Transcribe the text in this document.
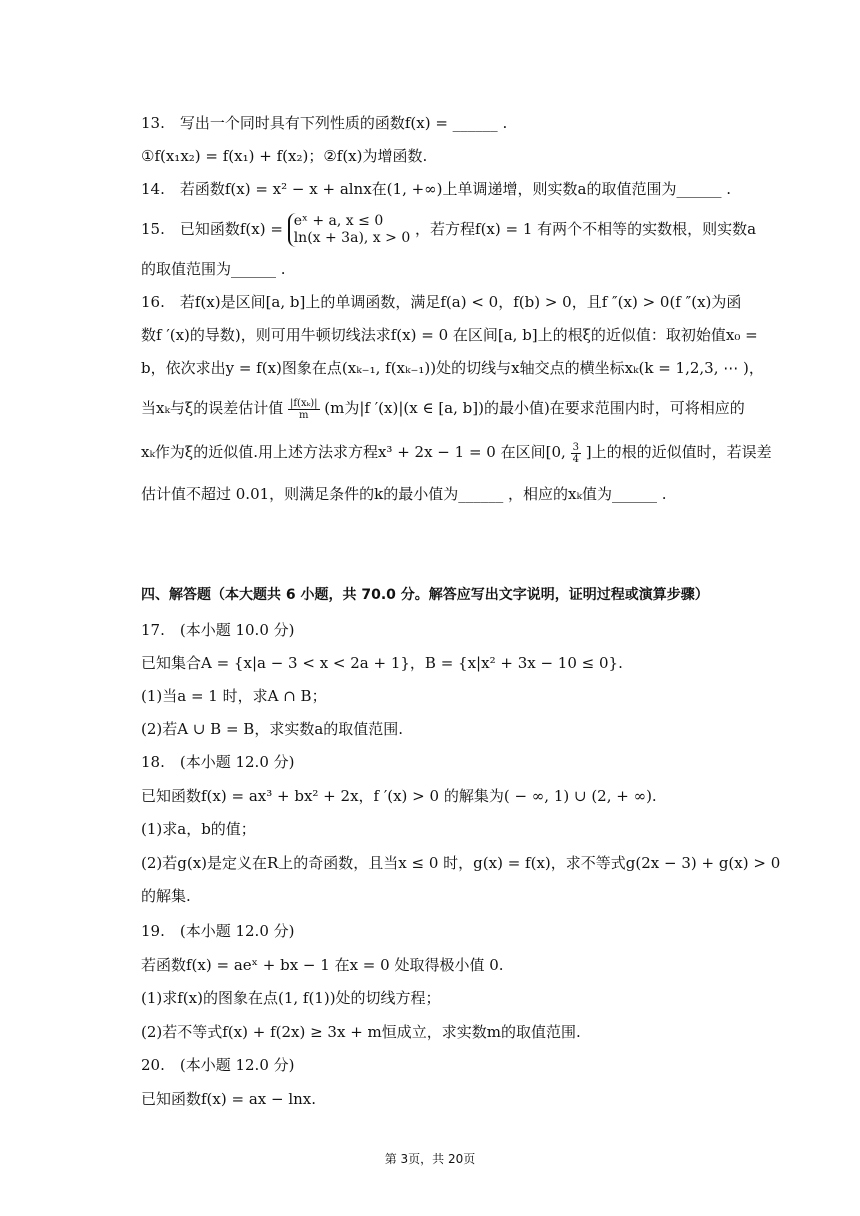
13.　写出一个同时具有下列性质的函数f(x) = ______ .
①f(x₁x₂) = f(x₁) + f(x₂)；②f(x)为增函数.
14.　若函数f(x) = x² − x + alnx在(1, +∞)上单调递增，则实数a的取值范围为______ .
15.　已知函数f(x) = eˣ + a, x ≤ 0
ln(x + 3a), x > 0 ，若方程f(x) = 1 有两个不相等的实数根，则实数a
的取值范围为______ .
16.　若f(x)是区间[a, b]上的单调函数，满足f(a) < 0，f(b) > 0，且f ″(x) > 0(f ″(x)为函
数f ′(x)的导数)，则可用牛顿切线法求f(x) = 0 在区间[a, b]上的根ξ的近似值：取初始值x₀ =
b，依次求出y = f(x)图象在点(xₖ₋₁, f(xₖ₋₁))处的切线与x轴交点的横坐标xₖ(k = 1,2,3, ⋯ )，
当xₖ与ξ的误差估计值 $\frac{\text{|f(xₖ)|}}{m} (m$为|f ′(x)|(x ∈ [a, b])的最小值)在要求范围内时，可将相应的
xₖ作为ξ的近似值.用上述方法求方程x³ + 2x − 1 = 0 在区间[0, $\frac{3}{4}$ ]上的根的近似值时，若误差
估计值不超过 0.01，则满足条件的k的最小值为______ ，相应的xₖ值为______ .
四、解答题（本大题共 6 小题，共 70.0 分。解答应写出文字说明，证明过程或演算步骤）
17.　(本小题 10.0 分)
已知集合A = {x|a − 3 < x < 2a + 1}，B = {x|x² + 3x − 10 ≤ 0}.
(1)当a = 1 时，求A ∩ B；
(2)若A ∪ B = B，求实数a的取值范围.
18.　(本小题 12.0 分)
已知函数f(x) = ax³ + bx² + 2x，f ′(x) > 0 的解集为( − ∞, 1) ∪ (2, + ∞).
(1)求a，b的值；
(2)若g(x)是定义在R上的奇函数，且当x ≤ 0 时，g(x) = f(x)，求不等式g(2x − 3) + g(x) > 0
的解集.
19.　(本小题 12.0 分)
若函数f(x) = aeˣ + bx − 1 在x = 0 处取得极小值 0.
(1)求f(x)的图象在点(1, f(1))处的切线方程；
(2)若不等式f(x) + f(2x) ≥ 3x + m恒成立，求实数m的取值范围.
20.　(本小题 12.0 分)
已知函数f(x) = ax − lnx.
第 3页，共 20页
